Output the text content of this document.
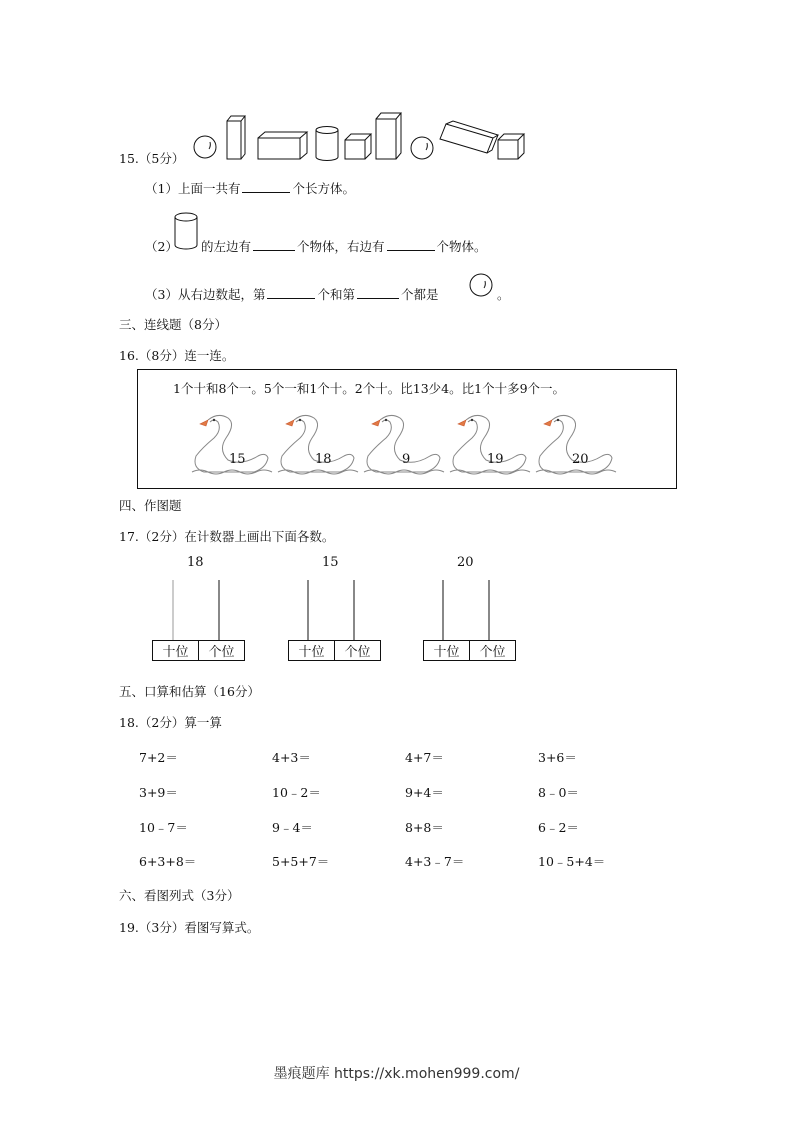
15.（5分）
（1）上面一共有	个长方体。
（2） 的左边有	个物体，右边有	个物体。
（3）从右边数起，第	个和第	个都是	。
三、连线题（8分）
16.（8分）连一连。
1个十和8个一。5个一和1个十。2个十。比13少4。比1个十多9个一。
15	18	9	19	20
四、作图题
17.（2分）在计数器上画出下面各数。
18
十位 个位
15
十位 个位
20
十位 个位
五、口算和估算（16分）
18.（2分）算一算
7+2＝	4+3＝	4+7＝	3+6＝
3+9＝	10﹣2＝	9+4＝	8﹣0＝
10﹣7＝	9﹣4＝	8+8＝	6﹣2＝
6+3+8＝	5+5+7＝	4+3﹣7＝	10﹣5+4＝
六、看图列式（3分）
19.（3分）看图写算式。
墨痕题库 https://xk.mohen999.com/
